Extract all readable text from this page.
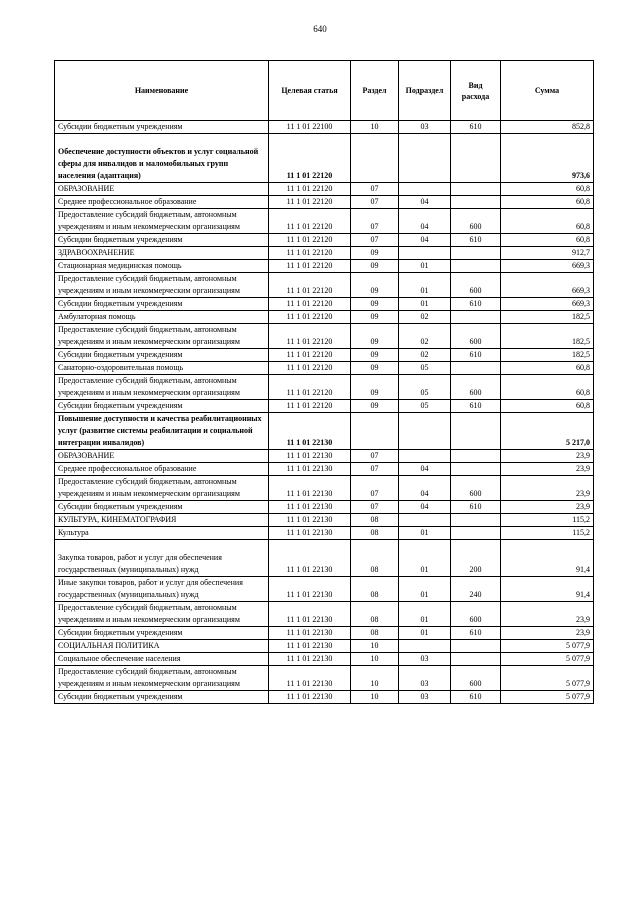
640
Наименование	Целевая статья	Раздел	Подраздел	Вид расхода	Сумма
Субсидии бюджетным учреждениям	11 1 01 22100	10	03	610	852,8
Обеспечение доступности объектов и услуг социальной сферы для инвалидов и маломобильных групп населения (адаптация)	11 1 01 22120				973,6
ОБРАЗОВАНИЕ	11 1 01 22120	07			60,8
Среднее профессиональное образование	11 1 01 22120	07	04		60,8
Предоставление субсидий бюджетным, автономным учреждениям и иным некоммерческим организациям	11 1 01 22120	07	04	600	60,8
Субсидии бюджетным учреждениям	11 1 01 22120	07	04	610	60,8
ЗДРАВООХРАНЕНИЕ	11 1 01 22120	09			912,7
Стационарная медицинская помощь	11 1 01 22120	09	01		669,3
Предоставление субсидий бюджетным, автономным учреждениям и иным некоммерческим организациям	11 1 01 22120	09	01	600	669,3
Субсидии бюджетным учреждениям	11 1 01 22120	09	01	610	669,3
Амбулаторная помощь	11 1 01 22120	09	02		182,5
Предоставление субсидий бюджетным, автономным учреждениям и иным некоммерческим организациям	11 1 01 22120	09	02	600	182,5
Субсидии бюджетным учреждениям	11 1 01 22120	09	02	610	182,5
Санаторно-оздоровительная помощь	11 1 01 22120	09	05		60,8
Предоставление субсидий бюджетным, автономным учреждениям и иным некоммерческим организациям	11 1 01 22120	09	05	600	60,8
Субсидии бюджетным учреждениям	11 1 01 22120	09	05	610	60,8
Повышение доступности и качества реабилитационных услуг (развитие системы реабилитации и социальной интеграции инвалидов)	11 1 01 22130				5 217,0
ОБРАЗОВАНИЕ	11 1 01 22130	07			23,9
Среднее профессиональное образование	11 1 01 22130	07	04		23,9
Предоставление субсидий бюджетным, автономным учреждениям и иным некоммерческим организациям	11 1 01 22130	07	04	600	23,9
Субсидии бюджетным учреждениям	11 1 01 22130	07	04	610	23,9
КУЛЬТУРА, КИНЕМАТОГРАФИЯ	11 1 01 22130	08			115,2
Культура	11 1 01 22130	08	01		115,2
Закупка товаров, работ и услуг для обеспечения государственных (муниципальных) нужд	11 1 01 22130	08	01	200	91,4
Иные закупки товаров, работ и услуг для обеспечения государственных (муниципальных) нужд	11 1 01 22130	08	01	240	91,4
Предоставление субсидий бюджетным, автономным учреждениям и иным некоммерческим организациям	11 1 01 22130	08	01	600	23,9
Субсидии бюджетным учреждениям	11 1 01 22130	08	01	610	23,9
СОЦИАЛЬНАЯ ПОЛИТИКА	11 1 01 22130	10			5 077,9
Социальное обеспечение населения	11 1 01 22130	10	03		5 077,9
Предоставление субсидий бюджетным, автономным учреждениям и иным некоммерческим организациям	11 1 01 22130	10	03	600	5 077,9
Субсидии бюджетным учреждениям	11 1 01 22130	10	03	610	5 077,9
